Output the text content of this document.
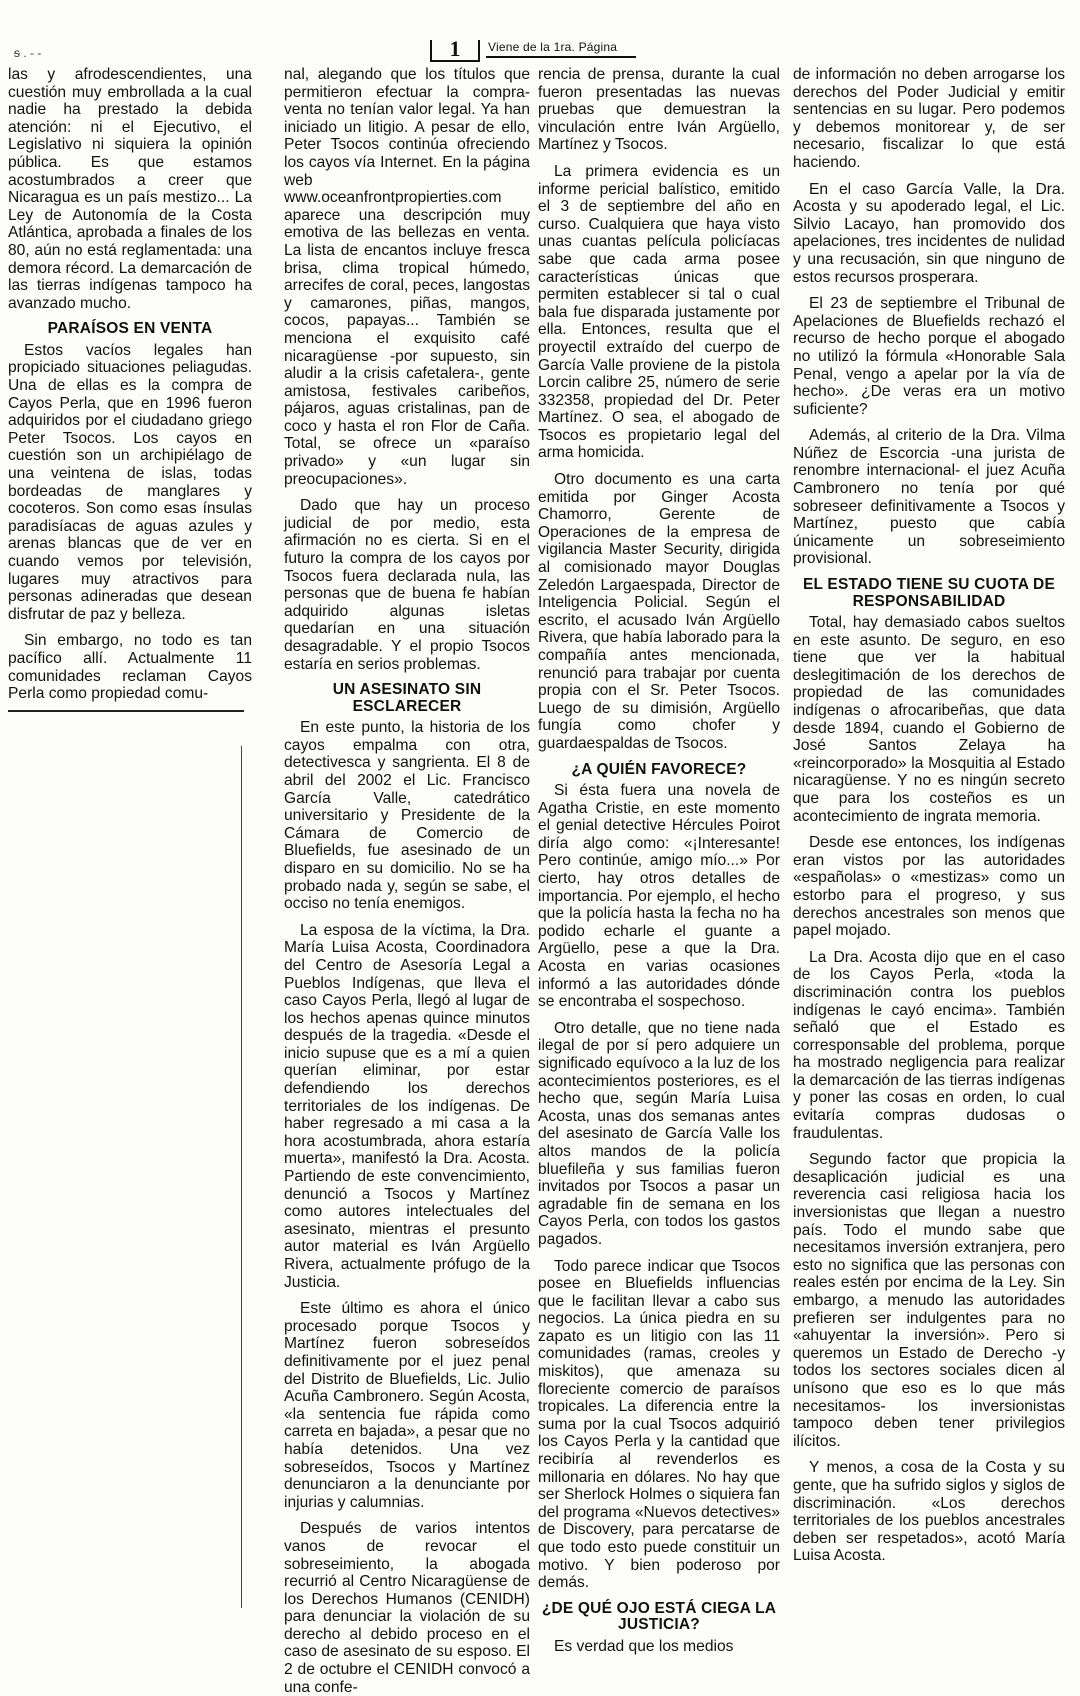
ᵴ . - -	1	Viene de la 1ra. Página

las y afrodescendientes, una cuestión muy embrollada a la cual nadie ha prestado la debida atención: ni el Ejecutivo, el Legislativo ni siquiera la opinión pública. Es que estamos acostumbrados a creer que Nicaragua es un país mestizo... La Ley de Autonomía de la Costa Atlántica, aprobada a finales de los 80, aún no está reglamentada: una demora récord. La demarcación de las tierras indígenas tampoco ha avanzado mucho.

PARAÍSOS EN VENTA

Estos vacíos legales han propiciado situaciones peliagudas. Una de ellas es la compra de Cayos Perla, que en 1996 fueron adquiridos por el ciudadano griego Peter Tsocos. Los cayos en cuestión son un archipiélago de una veintena de islas, todas bordeadas de manglares y cocoteros. Son como esas ínsulas paradisíacas de aguas azules y arenas blancas que de ver en cuando vemos por televisión, lugares muy atractivos para personas adineradas que desean disfrutar de paz y belleza.

Sin embargo, no todo es tan pacífico allí. Actualmente 11 comunidades reclaman Cayos Perla como propiedad comu-

nal, alegando que los títulos que permitieron efectuar la compra-venta no tenían valor legal. Ya han iniciado un litigio. A pesar de ello, Peter Tsocos continúa ofreciendo los cayos vía Internet. En la página web www.oceanfrontpropierties.com aparece una descripción muy emotiva de las bellezas en venta. La lista de encantos incluye fresca brisa, clima tropical húmedo, arrecifes de coral, peces, langostas y camarones, piñas, mangos, cocos, papayas... También se menciona el exquisito café nicaragüense -por supuesto, sin aludir a la crisis cafetalera-, gente amistosa, festivales caribeños, pájaros, aguas cristalinas, pan de coco y hasta el ron Flor de Caña. Total, se ofrece un «paraíso privado» y «un lugar sin preocupaciones».

Dado que hay un proceso judicial de por medio, esta afirmación no es cierta. Si en el futuro la compra de los cayos por Tsocos fuera declarada nula, las personas que de buena fe habían adquirido algunas isletas quedarían en una situación desagradable. Y el propio Tsocos estaría en serios problemas.

UN ASESINATO SIN ESCLARECER

En este punto, la historia de los cayos empalma con otra, detectivesca y sangrienta. El 8 de abril del 2002 el Lic. Francisco García Valle, catedrático universitario y Presidente de la Cámara de Comercio de Bluefields, fue asesinado de un disparo en su domicilio. No se ha probado nada y, según se sabe, el occiso no tenía enemigos.

La esposa de la víctima, la Dra. María Luisa Acosta, Coordinadora del Centro de Asesoría Legal a Pueblos Indígenas, que lleva el caso Cayos Perla, llegó al lugar de los hechos apenas quince minutos después de la tragedia. «Desde el inicio supuse que es a mí a quien querían eliminar, por estar defendiendo los derechos territoriales de los indígenas. De haber regresado a mi casa a la hora acostumbrada, ahora estaría muerta», manifestó la Dra. Acosta. Partiendo de este convencimiento, denunció a Tsocos y Martínez como autores intelectuales del asesinato, mientras el presunto autor material es Iván Argüello Rivera, actualmente prófugo de la Justicia.

Este último es ahora el único procesado porque Tsocos y Martínez fueron sobreseídos definitivamente por el juez penal del Distrito de Bluefields, Lic. Julio Acuña Cambronero. Según Acosta, «la sentencia fue rápida como carreta en bajada», a pesar que no había detenidos. Una vez sobreseídos, Tsocos y Martínez denunciaron a la denunciante por injurias y calumnias.

Después de varios intentos vanos de revocar el sobreseimiento, la abogada recurrió al Centro Nicaragüense de los Derechos Humanos (CENIDH) para denunciar la violación de su derecho al debido proceso en el caso de asesinato de su esposo. El 2 de octubre el CENIDH convocó a una confe-

rencia de prensa, durante la cual fueron presentadas las nuevas pruebas que demuestran la vinculación entre Iván Argüello, Martínez y Tsocos.

La primera evidencia es un informe pericial balístico, emitido el 3 de septiembre del año en curso. Cualquiera que haya visto unas cuantas película policíacas sabe que cada arma posee características únicas que permiten establecer si tal o cual bala fue disparada justamente por ella. Entonces, resulta que el proyectil extraído del cuerpo de García Valle proviene de la pistola Lorcin calibre 25, número de serie 332358, propiedad del Dr. Peter Martínez. O sea, el abogado de Tsocos es propietario legal del arma homicida.

Otro documento es una carta emitida por Ginger Acosta Chamorro, Gerente de Operaciones de la empresa de vigilancia Master Security, dirigida al comisionado mayor Douglas Zeledón Largaespada, Director de Inteligencia Policial. Según el escrito, el acusado Iván Argüello Rivera, que había laborado para la compañía antes mencionada, renunció para trabajar por cuenta propia con el Sr. Peter Tsocos. Luego de su dimisión, Argüello fungía como chofer y guardaespaldas de Tsocos.

¿A QUIÉN FAVORECE?

Si ésta fuera una novela de Agatha Cristie, en este momento el genial detective Hércules Poirot diría algo como: «¡Interesante! Pero continúe, amigo mío...» Por cierto, hay otros detalles de importancia. Por ejemplo, el hecho que la policía hasta la fecha no ha podido echarle el guante a Argüello, pese a que la Dra. Acosta en varias ocasiones informó a las autoridades dónde se encontraba el sospechoso.

Otro detalle, que no tiene nada ilegal de por sí pero adquiere un significado equívoco a la luz de los acontecimientos posteriores, es el hecho que, según María Luisa Acosta, unas dos semanas antes del asesinato de García Valle los altos mandos de la policía bluefileña y sus familias fueron invitados por Tsocos a pasar un agradable fin de semana en los Cayos Perla, con todos los gastos pagados.

Todo parece indicar que Tsocos posee en Bluefields influencias que le facilitan llevar a cabo sus negocios. La única piedra en su zapato es un litigio con las 11 comunidades (ramas, creoles y miskitos), que amenaza su floreciente comercio de paraísos tropicales. La diferencia entre la suma por la cual Tsocos adquirió los Cayos Perla y la cantidad que recibiría al revenderlos es millonaria en dólares. No hay que ser Sherlock Holmes o siquiera fan del programa «Nuevos detectives» de Discovery, para percatarse de que todo esto puede constituir un motivo. Y bien poderoso por demás.

¿DE QUÉ OJO ESTÁ CIEGA LA JUSTICIA?

Es verdad que los medios

de información no deben arrogarse los derechos del Poder Judicial y emitir sentencias en su lugar. Pero podemos y debemos monitorear y, de ser necesario, fiscalizar lo que está haciendo.

En el caso García Valle, la Dra. Acosta y su apoderado legal, el Lic. Silvio Lacayo, han promovido dos apelaciones, tres incidentes de nulidad y una recusación, sin que ninguno de estos recursos prosperara.

El 23 de septiembre el Tribunal de Apelaciones de Bluefields rechazó el recurso de hecho porque el abogado no utilizó la fórmula «Honorable Sala Penal, vengo a apelar por la vía de hecho». ¿De veras era un motivo suficiente?

Además, al criterio de la Dra. Vilma Núñez de Escorcia -una jurista de renombre internacional- el juez Acuña Cambronero no tenía por qué sobreseer definitivamente a Tsocos y Martínez, puesto que cabía únicamente un sobreseimiento provisional.

EL ESTADO TIENE SU CUOTA DE RESPONSABILIDAD

Total, hay demasiado cabos sueltos en este asunto. De seguro, en eso tiene que ver la habitual deslegitimación de los derechos de propiedad de las comunidades indígenas o afrocaribeñas, que data desde 1894, cuando el Gobierno de José Santos Zelaya ha «reincorporado» la Mosquitia al Estado nicaragüense. Y no es ningún secreto que para los costeños es un acontecimiento de ingrata memoria.

Desde ese entonces, los indígenas eran vistos por las autoridades «españolas» o «mestizas» como un estorbo para el progreso, y sus derechos ancestrales son menos que papel mojado.

La Dra. Acosta dijo que en el caso de los Cayos Perla, «toda la discriminación contra los pueblos indígenas le cayó encima». También señaló que el Estado es corresponsable del problema, porque ha mostrado negligencia para realizar la demarcación de las tierras indígenas y poner las cosas en orden, lo cual evitaría compras dudosas o fraudulentas.

Segundo factor que propicia la desaplicación judicial es una reverencia casi religiosa hacia los inversionistas que llegan a nuestro país. Todo el mundo sabe que necesitamos inversión extranjera, pero esto no significa que las personas con reales estén por encima de la Ley. Sin embargo, a menudo las autoridades prefieren ser indulgentes para no «ahuyentar la inversión». Pero si queremos un Estado de Derecho -y todos los sectores sociales dicen al unísono que eso es lo que más necesitamos- los inversionistas tampoco deben tener privilegios ilícitos.

Y menos, a cosa de la Costa y su gente, que ha sufrido siglos y siglos de discriminación. «Los derechos territoriales de los pueblos ancestrales deben ser respetados», acotó María Luisa Acosta.
